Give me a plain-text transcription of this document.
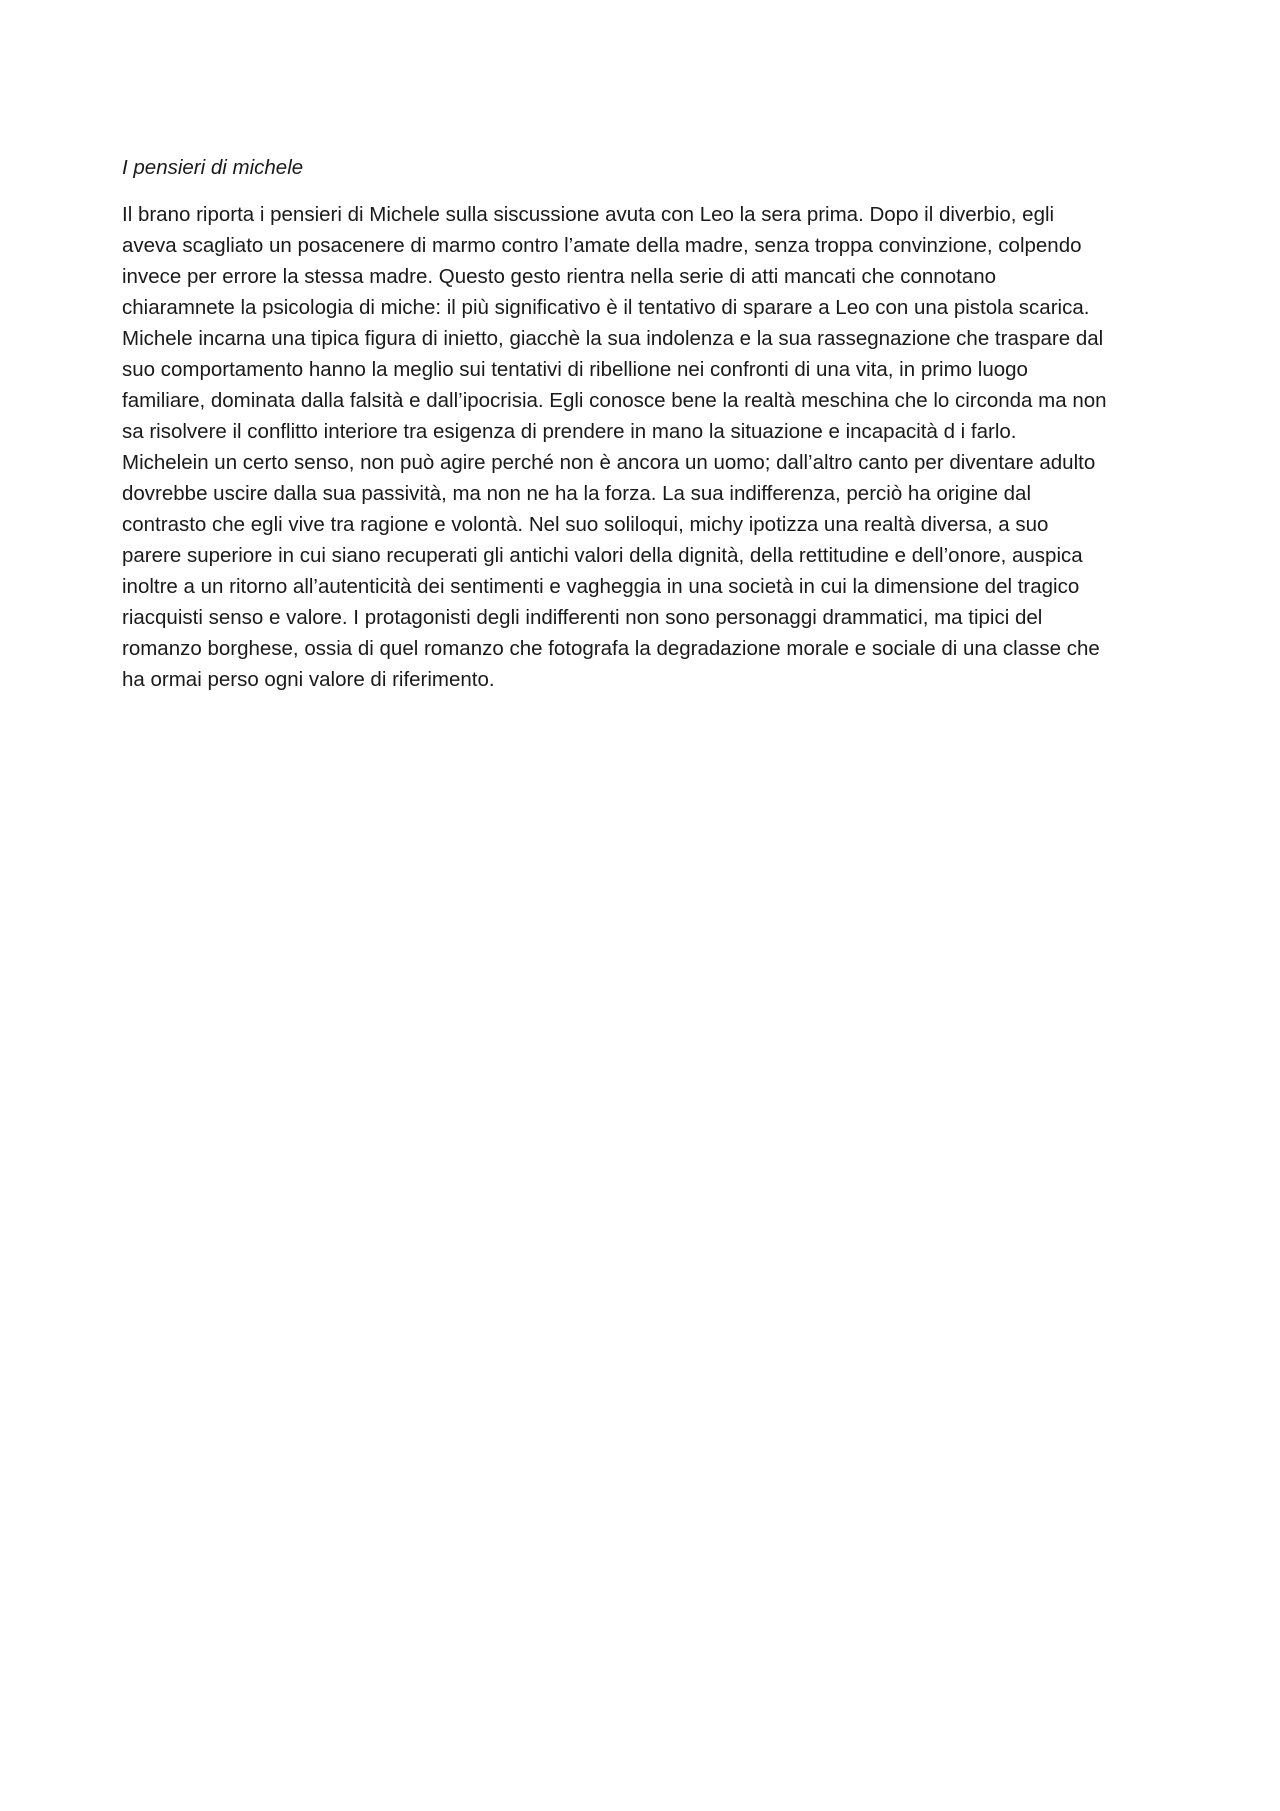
I pensieri di michele

Il brano riporta i pensieri di Michele sulla siscussione avuta con Leo la sera prima. Dopo il diverbio, egli
aveva scagliato un posacenere di marmo contro l’amate della madre, senza troppa convinzione, colpendo
invece per errore la stessa madre. Questo gesto rientra nella serie di atti mancati che connotano
chiaramnete la psicologia di miche: il più significativo è il tentativo di sparare a Leo con una pistola scarica.
Michele incarna una tipica figura di inietto, giacchè la sua indolenza e la sua rassegnazione che traspare dal
suo comportamento hanno la meglio sui tentativi di ribellione nei confronti di una vita, in primo luogo
familiare, dominata dalla falsità e dall’ipocrisia. Egli conosce bene la realtà meschina che lo circonda ma non
sa risolvere il conflitto interiore tra esigenza di prendere in mano la situazione e incapacità d i farlo.
Michelein un certo senso, non può agire perché non è ancora un uomo; dall’altro canto per diventare adulto
dovrebbe uscire dalla sua passività, ma non ne ha la forza. La sua indifferenza, perciò ha origine dal
contrasto che egli vive tra ragione e volontà. Nel suo soliloqui, michy ipotizza una realtà diversa, a suo
parere superiore in cui siano recuperati gli antichi valori della dignità, della rettitudine e dell’onore, auspica
inoltre a un ritorno all’autenticità dei sentimenti e vagheggia in una società in cui la dimensione del tragico
riacquisti senso e valore. I protagonisti degli indifferenti non sono personaggi drammatici, ma tipici del
romanzo borghese, ossia di quel romanzo che fotografa la degradazione morale e sociale di una classe che
ha ormai perso ogni valore di riferimento.
